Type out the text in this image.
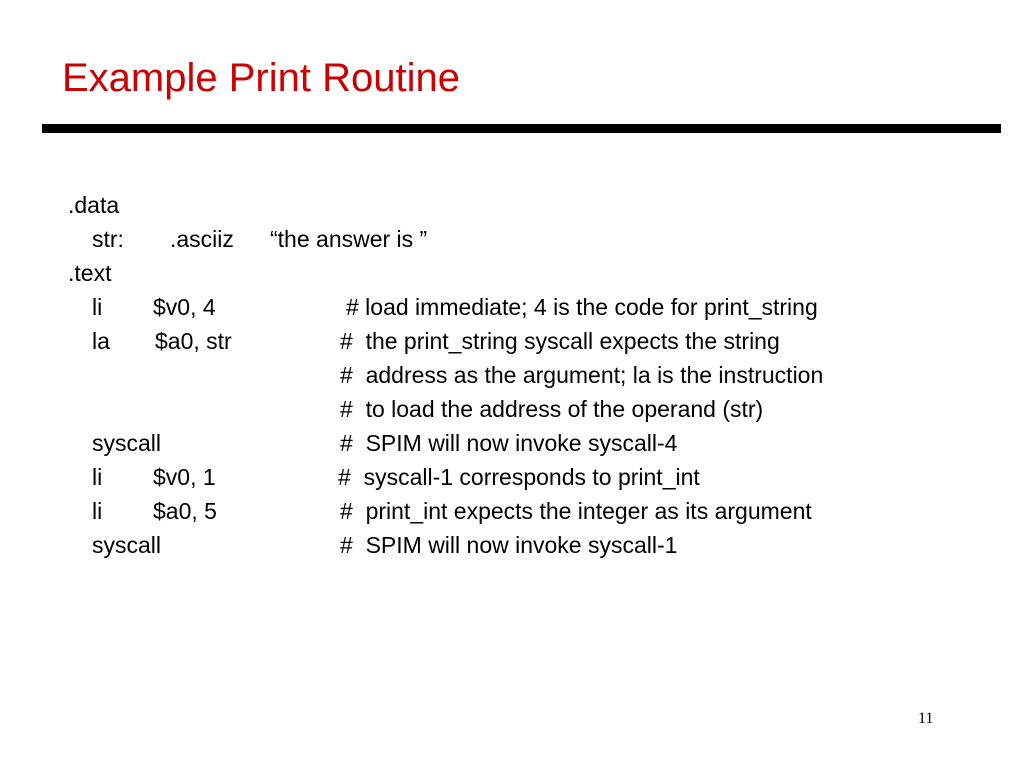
Example Print Routine
.data
str: .asciiz “the answer is ”
.text
li $v0, 4	# load immediate; 4 is the code for print_string
la $a0, str	#  the print_string syscall expects the string
#  address as the argument; la is the instruction
#  to load the address of the operand (str)
syscall	#  SPIM will now invoke syscall-4
li $v0, 1	#  syscall-1 corresponds to print_int
li $a0, 5	#  print_int expects the integer as its argument
syscall	#  SPIM will now invoke syscall-1
11
